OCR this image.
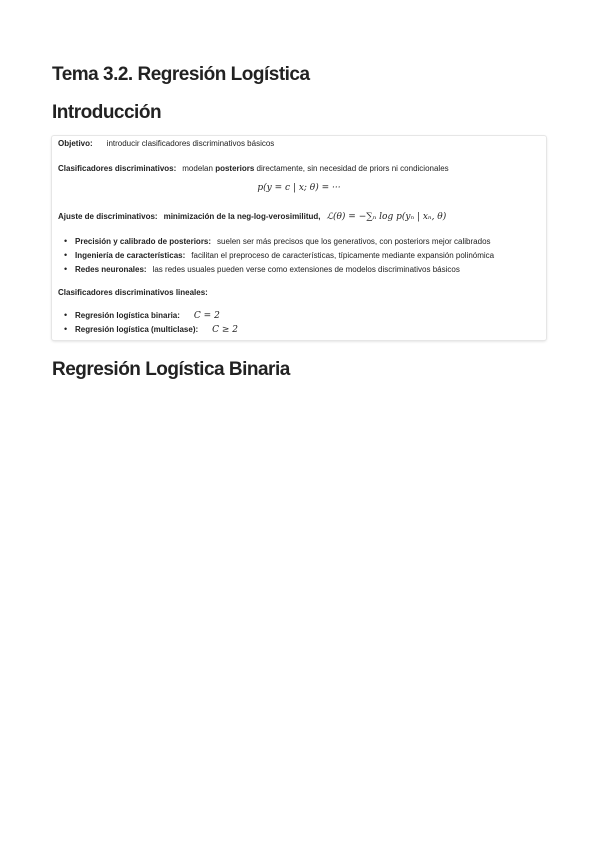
Tema 3.2. Regresión Logística
Introducción
Objetivo: introducir clasificadores discriminativos básicos
Clasificadores discriminativos: modelan posteriors directamente, sin necesidad de priors ni condicionales
p(y = c | x; θ) = ···
Ajuste de discriminativos: minimización de la neg-log-verosimilitud, ℒ(θ) = −∑ₙ log p(yₙ | xₙ, θ)
• Precisión y calibrado de posteriors: suelen ser más precisos que los generativos, con posteriors mejor calibrados
• Ingeniería de características: facilitan el preproceso de características, típicamente mediante expansión polinómica
• Redes neuronales: las redes usuales pueden verse como extensiones de modelos discriminativos básicos
Clasificadores discriminativos lineales:
• Regresión logística binaria: C = 2
• Regresión logística (multiclase): C ≥ 2
Regresión Logística Binaria
